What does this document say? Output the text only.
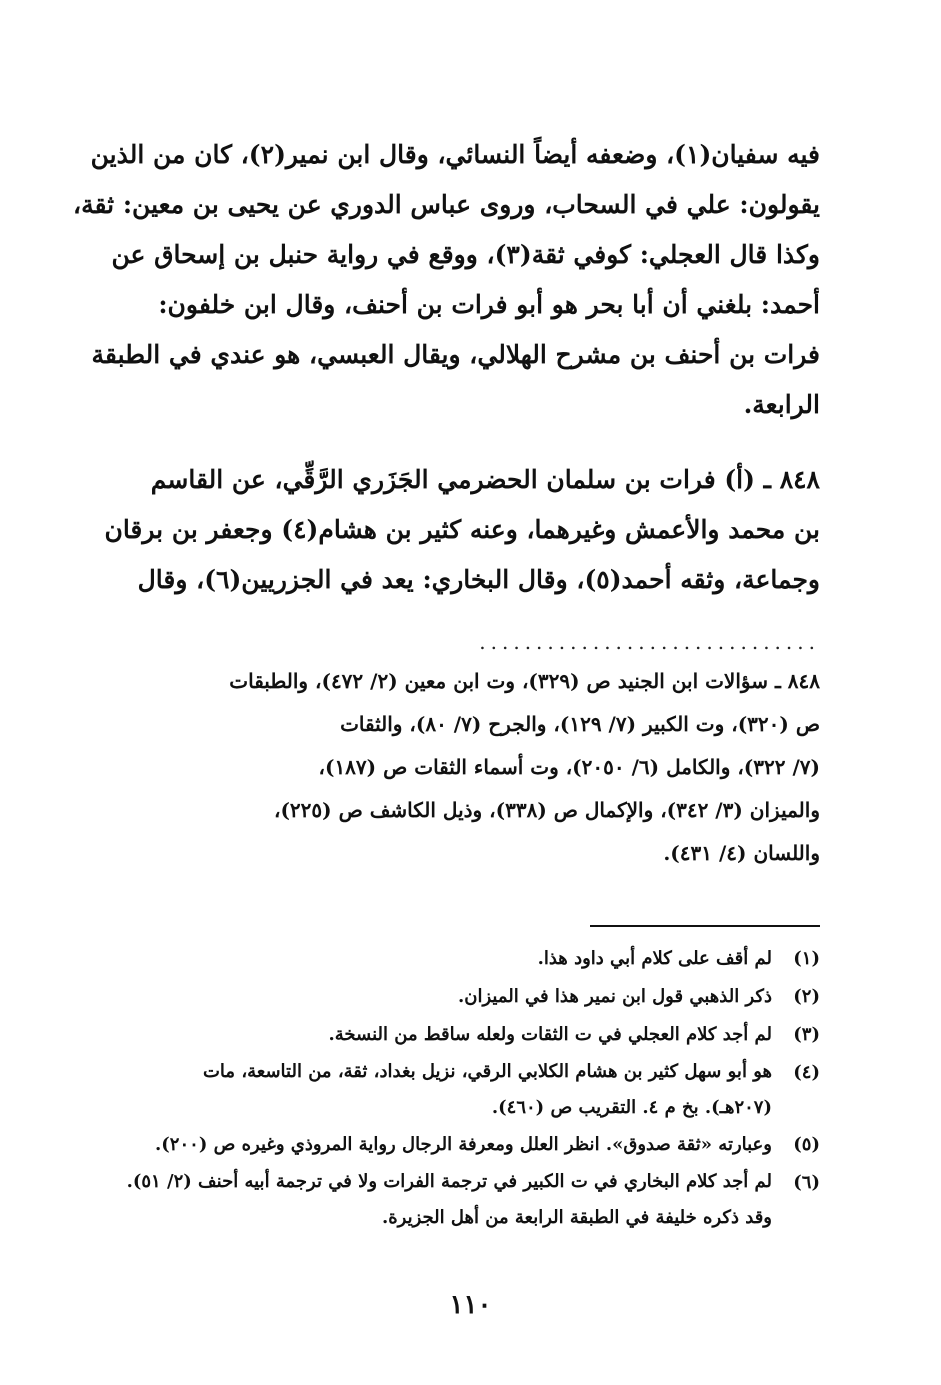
فيه سفيان(١)، وضعفه أيضاً النسائي، وقال ابن نمير(٢)، كان من الذين
يقولون: علي في السحاب، وروى عباس الدوري عن يحيى بن معين: ثقة،
وكذا قال العجلي: كوفي ثقة(٣)، ووقع في رواية حنبل بن إسحاق عن
أحمد: بلغني أن أبا بحر هو أبو فرات بن أحنف، وقال ابن خلفون:
فرات بن أحنف بن مشرح الهلالي، ويقال العبسي، هو عندي في الطبقة
الرابعة.
٨٤٨ ـ (أ) فرات بن سلمان الحضرمي الجَزَري الرَّقِّي، عن القاسم
بن محمد والأعمش وغيرهما، وعنه كثير بن هشام(٤) وجعفر بن برقان
وجماعة، وثقه أحمد(٥)، وقال البخاري: يعد في الجزريين(٦)، وقال
..............................
٨٤٨ ـ سؤالات ابن الجنيد ص (٣٢٩)، وت ابن معين (٢/ ٤٧٢)، والطبقات
ص (٣٢٠)، وت الكبير (٧/ ١٢٩)، والجرح (٧/ ٨٠)، والثقات
(٧/ ٣٢٢)، والكامل (٦/ ٢٠٥٠)، وت أسماء الثقات ص (١٨٧)،
والميزان (٣/ ٣٤٢)، والإكمال ص (٣٣٨)، وذيل الكاشف ص (٢٢٥)،
واللسان (٤/ ٤٣١).
(١)
لم أقف على كلام أبي داود هذا.
(٢)
ذكر الذهبي قول ابن نمير هذا في الميزان.
(٣)
لم أجد كلام العجلي في ت الثقات ولعله ساقط من النسخة.
(٤)
هو أبو سهل كثير بن هشام الكلابي الرقي، نزيل بغداد، ثقة، من التاسعة، مات
(٢٠٧هـ). بخ م ٤. التقريب ص (٤٦٠).
(٥)
وعبارته «ثقة صدوق». انظر العلل ومعرفة الرجال رواية المروذي وغيره ص (٢٠٠).
(٦)
لم أجد كلام البخاري في ت الكبير في ترجمة الفرات ولا في ترجمة أبيه أحنف (٢/ ٥١).
وقد ذكره خليفة في الطبقة الرابعة من أهل الجزيرة.
١١٠
